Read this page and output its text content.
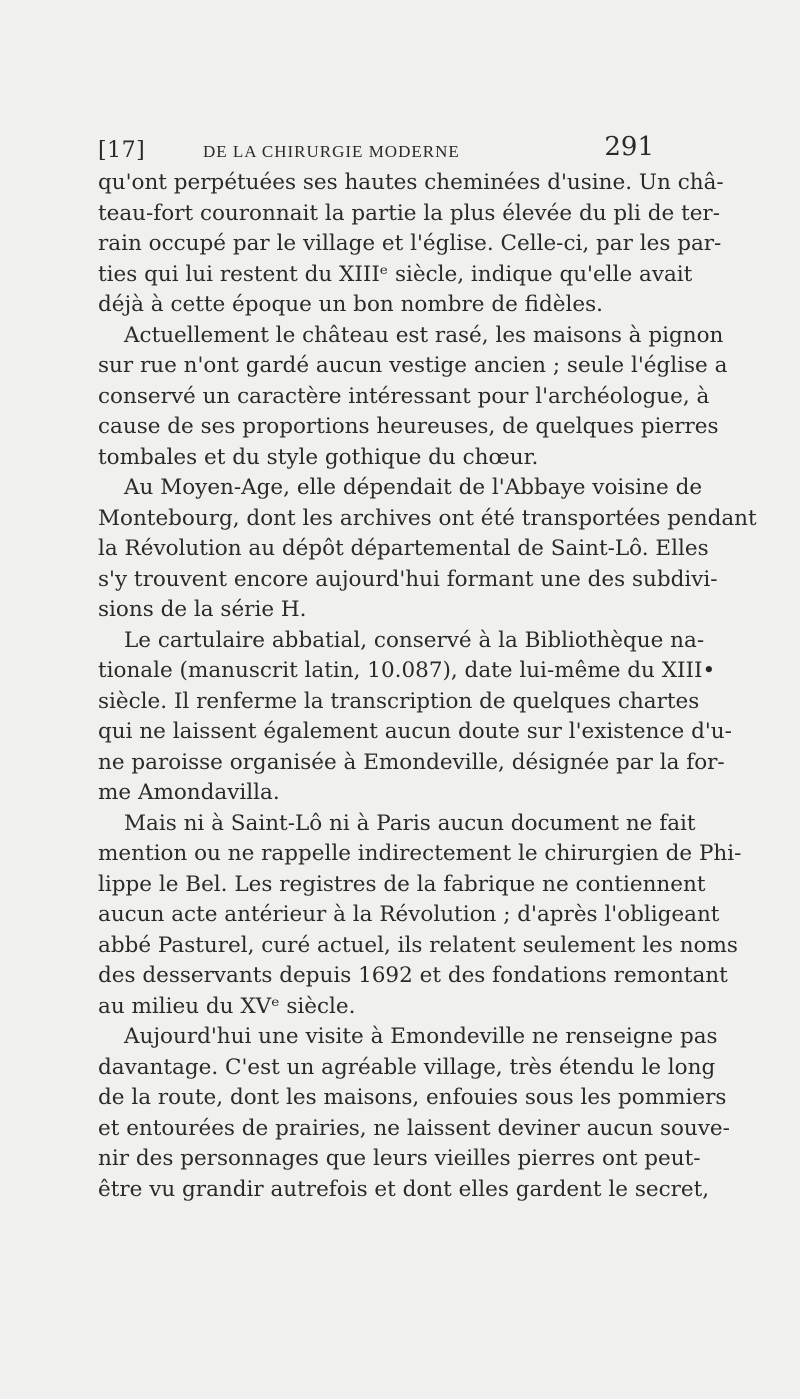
[17]	DE LA CHIRURGIE MODERNE	291
qu'ont perpétuées ses hautes cheminées d'usine. Un châ-
teau-fort couronnait la partie la plus élevée du pli de ter-
rain occupé par le village et l'église. Celle-ci, par les par-
ties qui lui restent du XIIIᵉ siècle, indique qu'elle avait
déjà à cette époque un bon nombre de fidèles.
Actuellement le château est rasé, les maisons à pignon
sur rue n'ont gardé aucun vestige ancien ; seule l'église a
conservé un caractère intéressant pour l'archéologue, à
cause de ses proportions heureuses, de quelques pierres
tombales et du style gothique du chœur.
Au Moyen-Age, elle dépendait de l'Abbaye voisine de
Montebourg, dont les archives ont été transportées pendant
la Révolution au dépôt départemental de Saint-Lô. Elles
s'y trouvent encore aujourd'hui formant une des subdivi-
sions de la série H.
Le cartulaire abbatial, conservé à la Bibliothèque na-
tionale (manuscrit latin, 10.087), date lui-même du XIII•
siècle. Il renferme la transcription de quelques chartes
qui ne laissent également aucun doute sur l'existence d'u-
ne paroisse organisée à Emondeville, désignée par la for-
me Amondavilla.
Mais ni à Saint-Lô ni à Paris aucun document ne fait
mention ou ne rappelle indirectement le chirurgien de Phi-
lippe le Bel. Les registres de la fabrique ne contiennent
aucun acte antérieur à la Révolution ; d'après l'obligeant
abbé Pasturel, curé actuel, ils relatent seulement les noms
des desservants depuis 1692 et des fondations remontant
au milieu du XVᵉ siècle.
Aujourd'hui une visite à Emondeville ne renseigne pas
davantage. C'est un agréable village, très étendu le long
de la route, dont les maisons, enfouies sous les pommiers
et entourées de prairies, ne laissent deviner aucun souve-
nir des personnages que leurs vieilles pierres ont peut-
être vu grandir autrefois et dont elles gardent le secret,
